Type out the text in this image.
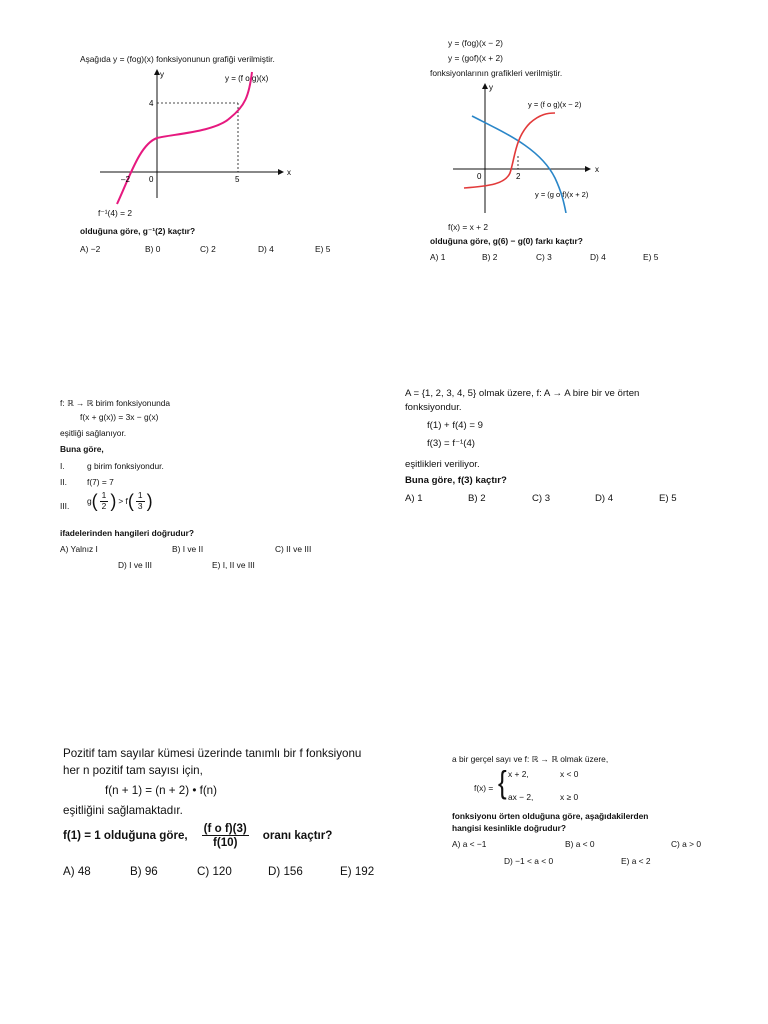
Aşağıda y = (fog)(x) fonksiyonunun grafiği verilmiştir.
y
x
y = (f o g)(x)
4
–2 0	5
f⁻¹(4) = 2
olduğuna göre, g⁻¹(2) kaçtır?
A) −2	B) 0	C) 2	D) 4	E) 5
y = (fog)(x − 2)
y = (gof)(x + 2)
fonksiyonlarının grafikleri verilmiştir.
y
x
y = (f o g)(x − 2)
y = (g o f)(x + 2)
0	2
f(x) = x + 2
olduğuna göre, g(6) − g(0) farkı kaçtır?
A) 1	B) 2	C) 3	D) 4	E) 5
f: ℝ → ℝ birim fonksiyonunda
f(x + g(x)) = 3x − g(x)
eşitliği sağlanıyor.
Buna göre,
I.	g birim fonksiyondur.
II. f(7) = 7
III.
g ( $\frac{1}{2}$ ) > f ( $\frac{1}{3}$ )
ifadelerinden hangileri doğrudur?
A) Yalnız I	B) I ve II	C) II ve III
D) I ve III	E) I, II ve III
A = {1, 2, 3, 4, 5} olmak üzere, f: A → A bire bir ve örten
fonksiyondur.
f(1) + f(4) = 9
f(3) = f⁻¹(4)
eşitlikleri veriliyor.
Buna göre, f(3) kaçtır?
A) 1	B) 2	C) 3	D) 4	E) 5
Pozitif tam sayılar kümesi üzerinde tanımlı bir f fonksiyonu
her n pozitif tam sayısı için,
f(n + 1) = (n + 2) • f(n)
eşitliğini sağlamaktadır.
f(1) = 1 olduğuna göre, $\frac{\text{(f o f)(3)}}{f(10)}$ oranı kaçtır?
A) 48	B) 96	C) 120	D) 156	E) 192
a bir gerçel sayı ve f: ℝ → ℝ olmak üzere,
f(x) = { x + 2,	x < 0
ax − 2,	x ≥ 0
fonksiyonu örten olduğuna göre, aşağıdakilerden
hangisi kesinlikle doğrudur?
A) a < −1	B) a < 0	C) a > 0
D) −1 < a < 0	E) a < 2
